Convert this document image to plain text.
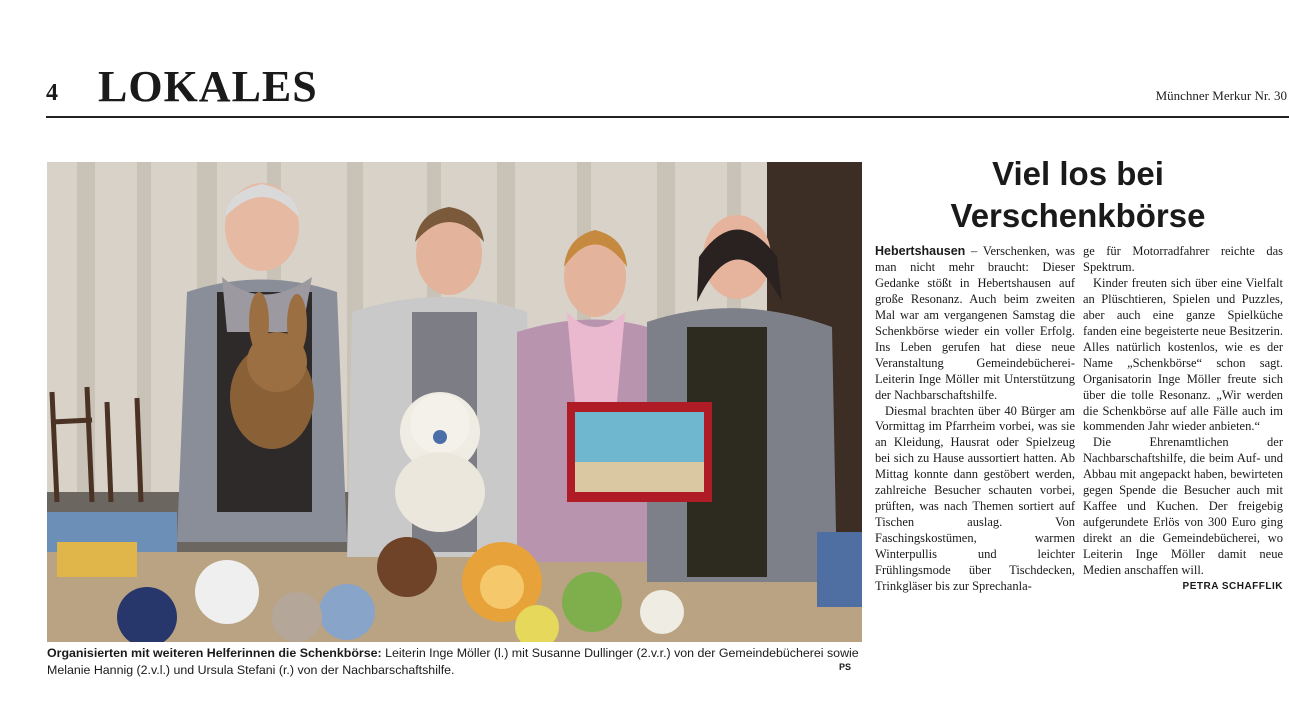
4 LOKALES	Münchner Merkur Nr. 30
Organisierten mit weiteren Helferinnen die Schenkbörse: Leiterin Inge Möller (l.) mit Susanne Dullinger (2.v.r.) von der Gemeindebücherei sowie Melanie Hannig (2.v.l.) und Ursula Stefani (r.) von der Nachbarschaftshilfe.	PS
Viel los bei
Verschenkbörse

Hebertshausen – Verschenken, was man nicht mehr braucht: Dieser Gedanke stößt in Hebertshausen auf große Resonanz. Auch beim zweiten Mal war am vergangenen Samstag die Schenkbörse wieder ein voller Erfolg. Ins Leben gerufen hat diese neue Veranstaltung Gemeindebücherei-Leiterin Inge Möller mit Unterstützung der Nachbarschaftshilfe.

Diesmal brachten über 40 Bürger am Vormittag im Pfarrheim vorbei, was sie an Kleidung, Hausrat oder Spielzeug bei sich zu Hause aussortiert hatten. Ab Mittag konnte dann gestöbert werden, zahlreiche Besucher schauten vorbei, prüften, was nach Themen sortiert auf Tischen auslag. Von Faschingskostümen, warmen Winterpullis und leichter Frühlingsmode über Tischdecken, Trinkgläser bis zur Sprechanla-

ge für Motorradfahrer reichte das Spektrum.

Kinder freuten sich über eine Vielfalt an Plüschtieren, Spielen und Puzzles, aber auch eine ganze Spielküche fanden eine begeisterte neue Besitzerin. Alles natürlich kostenlos, wie es der Name „Schenkbörse“ schon sagt. Organisatorin Inge Möller freute sich über die tolle Resonanz. „Wir werden die Schenkbörse auf alle Fälle auch im kommenden Jahr wieder anbieten.“

Die Ehrenamtlichen der Nachbarschaftshilfe, die beim Auf- und Abbau mit angepackt haben, bewirteten gegen Spende die Besucher auch mit Kaffee und Kuchen. Der freigebig aufgerundete Erlös von 300 Euro ging direkt an die Gemeindebücherei, wo Leiterin Inge Möller damit neue Medien anschaffen will.
PETRA SCHAFFLIK
